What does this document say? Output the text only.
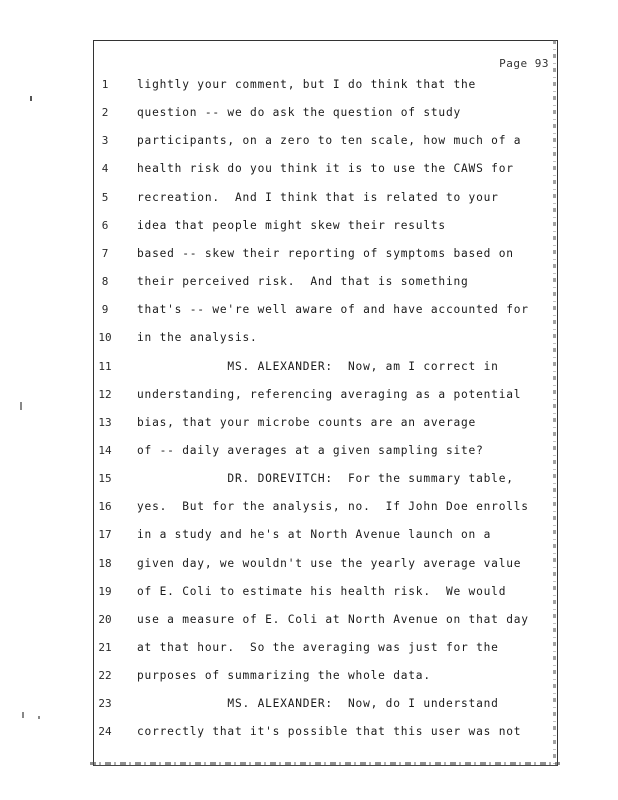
Page 93
1	lightly your comment, but I do think that the
2	question -- we do ask the question of study
3	participants, on a zero to ten scale, how much of a
4	health risk do you think it is to use the CAWS for
5	recreation.  And I think that is related to your
6	idea that people might skew their results
7	based -- skew their reporting of symptoms based on
8	their perceived risk.  And that is something
9	that's -- we're well aware of and have accounted for
10	in the analysis.
11	MS. ALEXANDER:  Now, am I correct in
12	understanding, referencing averaging as a potential
13	bias, that your microbe counts are an average
14	of -- daily averages at a given sampling site?
15	DR. DOREVITCH:  For the summary table,
16	yes.  But for the analysis, no.  If John Doe enrolls
17	in a study and he's at North Avenue launch on a
18	given day, we wouldn't use the yearly average value
19	of E. Coli to estimate his health risk.  We would
20	use a measure of E. Coli at North Avenue on that day
21	at that hour.  So the averaging was just for the
22	purposes of summarizing the whole data.
23	MS. ALEXANDER:  Now, do I understand
24	correctly that it's possible that this user was not
